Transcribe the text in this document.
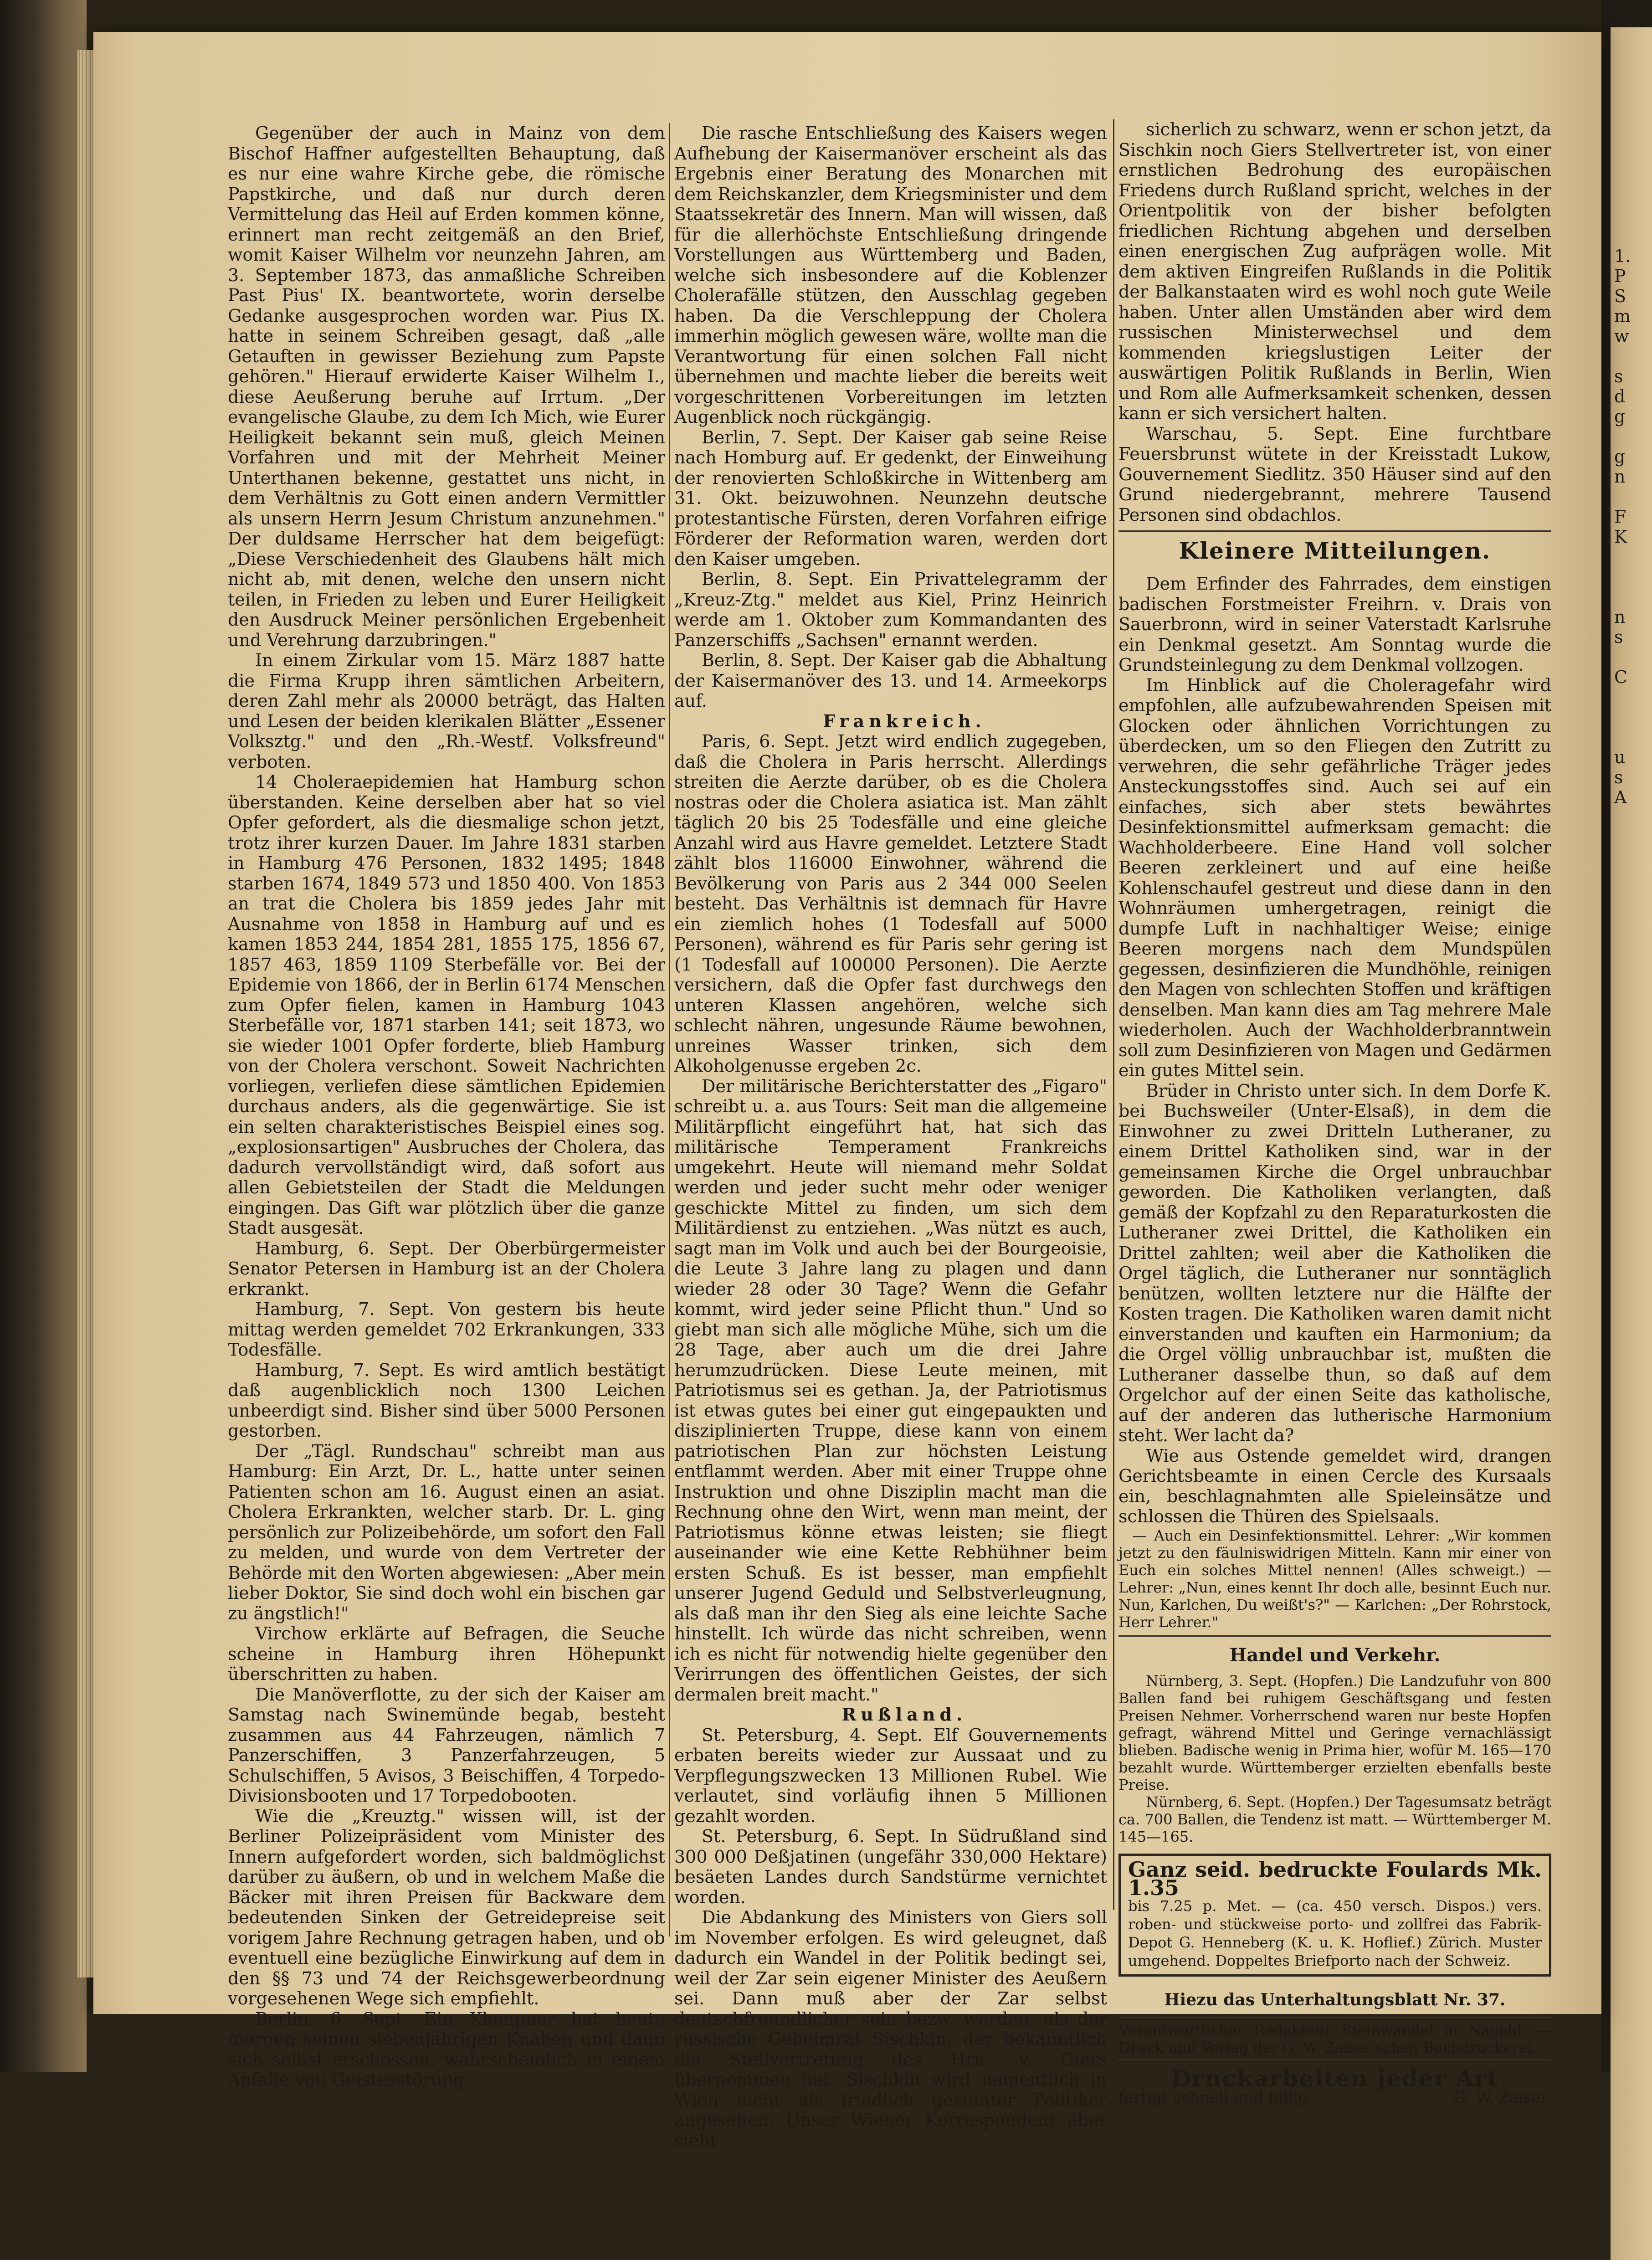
1.
P
S
m
w

s
d
g

g
n

F
K

n
s

C

u
s
A

Gegenüber der auch in Mainz von dem Bischof Haffner aufgestellten Behauptung, daß es nur eine wahre Kirche gebe, die römische Papstkirche, und daß nur durch deren Vermittelung das Heil auf Erden kommen könne, erinnert man recht zeitgemäß an den Brief, womit Kaiser Wilhelm vor neunzehn Jahren, am 3. September 1873, das anmaßliche Schreiben Past Pius' IX. beantwortete, worin derselbe Gedanke ausgesprochen worden war. Pius IX. hatte in seinem Schreiben gesagt, daß „alle Getauften in gewisser Beziehung zum Papste gehören." Hierauf erwiderte Kaiser Wilhelm I., diese Aeußerung beruhe auf Irrtum. „Der evangelische Glaube, zu dem Ich Mich, wie Eurer Heiligkeit bekannt sein muß, gleich Meinen Vorfahren und mit der Mehrheit Meiner Unterthanen bekenne, gestattet uns nicht, in dem Verhältnis zu Gott einen andern Vermittler als unsern Herrn Jesum Christum anzunehmen." Der duldsame Herrscher hat dem beigefügt: „Diese Verschiedenheit des Glaubens hält mich nicht ab, mit denen, welche den unsern nicht teilen, in Frieden zu leben und Eurer Heiligkeit den Ausdruck Meiner persönlichen Ergebenheit und Verehrung darzubringen."

In einem Zirkular vom 15. März 1887 hatte die Firma Krupp ihren sämtlichen Arbeitern, deren Zahl mehr als 20000 beträgt, das Halten und Lesen der beiden klerikalen Blätter „Essener Volksztg." und den „Rh.-Westf. Volksfreund" verboten.

14 Choleraepidemien hat Hamburg schon überstanden. Keine derselben aber hat so viel Opfer gefordert, als die diesmalige schon jetzt, trotz ihrer kurzen Dauer. Im Jahre 1831 starben in Hamburg 476 Personen, 1832 1495; 1848 starben 1674, 1849 573 und 1850 400. Von 1853 an trat die Cholera bis 1859 jedes Jahr mit Ausnahme von 1858 in Hamburg auf und es kamen 1853 244, 1854 281, 1855 175, 1856 67, 1857 463, 1859 1109 Sterbefälle vor. Bei der Epidemie von 1866, der in Berlin 6174 Menschen zum Opfer fielen, kamen in Hamburg 1043 Sterbefälle vor, 1871 starben 141; seit 1873, wo sie wieder 1001 Opfer forderte, blieb Hamburg von der Cholera verschont. Soweit Nachrichten vorliegen, verliefen diese sämtlichen Epidemien durchaus anders, als die gegenwärtige. Sie ist ein selten charakteristisches Beispiel eines sog. „explosionsartigen" Ausbruches der Cholera, das dadurch vervollständigt wird, daß sofort aus allen Gebietsteilen der Stadt die Meldungen eingingen. Das Gift war plötzlich über die ganze Stadt ausgesät.

Hamburg, 6. Sept. Der Oberbürgermeister Senator Petersen in Hamburg ist an der Cholera erkrankt.

Hamburg, 7. Sept. Von gestern bis heute mittag werden gemeldet 702 Erkrankungen, 333 Todesfälle.

Hamburg, 7. Sept. Es wird amtlich bestätigt daß augenblicklich noch 1300 Leichen unbeerdigt sind. Bisher sind über 5000 Personen gestorben.

Der „Tägl. Rundschau" schreibt man aus Hamburg: Ein Arzt, Dr. L., hatte unter seinen Patienten schon am 16. August einen an asiat. Cholera Erkrankten, welcher starb. Dr. L. ging persönlich zur Polizeibehörde, um sofort den Fall zu melden, und wurde von dem Vertreter der Behörde mit den Worten abgewiesen: „Aber mein lieber Doktor, Sie sind doch wohl ein bischen gar zu ängstlich!"

Virchow erklärte auf Befragen, die Seuche scheine in Hamburg ihren Höhepunkt überschritten zu haben.

Die Manöverflotte, zu der sich der Kaiser am Samstag nach Swinemünde begab, besteht zusammen aus 44 Fahrzeugen, nämlich 7 Panzerschiffen, 3 Panzerfahrzeugen, 5 Schulschiffen, 5 Avisos, 3 Beischiffen, 4 Torpedo-Divisionsbooten und 17 Torpedobooten.

Wie die „Kreuztg." wissen will, ist der Berliner Polizeipräsident vom Minister des Innern aufgefordert worden, sich baldmöglichst darüber zu äußern, ob und in welchem Maße die Bäcker mit ihren Preisen für Backware dem bedeutenden Sinken der Getreidepreise seit vorigem Jahre Rechnung getragen haben, und ob eventuell eine bezügliche Einwirkung auf dem in den §§ 73 und 74 der Reichsgewerbeordnung vorgesehenen Wege sich empfiehlt.

Berlin, 6. Sept. Ein Klempner hat heute morgen seinen siebenjährigen Knaben und dann sich selbst erschossen, wahrscheinlich in einem Anfalle von Geistesstörung.

Die rasche Entschließung des Kaisers wegen Aufhebung der Kaisermanöver erscheint als das Ergebnis einer Beratung des Monarchen mit dem Reichskanzler, dem Kriegsminister und dem Staatssekretär des Innern. Man will wissen, daß für die allerhöchste Entschließung dringende Vorstellungen aus Württemberg und Baden, welche sich insbesondere auf die Koblenzer Cholerafälle stützen, den Ausschlag gegeben haben. Da die Verschleppung der Cholera immerhin möglich gewesen wäre, wollte man die Verantwortung für einen solchen Fall nicht übernehmen und machte lieber die bereits weit vorgeschrittenen Vorbereitungen im letzten Augenblick noch rückgängig.

Berlin, 7. Sept. Der Kaiser gab seine Reise nach Homburg auf. Er gedenkt, der Einweihung der renovierten Schloßkirche in Wittenberg am 31. Okt. beizuwohnen. Neunzehn deutsche protestantische Fürsten, deren Vorfahren eifrige Förderer der Reformation waren, werden dort den Kaiser umgeben.

Berlin, 8. Sept. Ein Privattelegramm der „Kreuz-Ztg." meldet aus Kiel, Prinz Heinrich werde am 1. Oktober zum Kommandanten des Panzerschiffs „Sachsen" ernannt werden.

Berlin, 8. Sept. Der Kaiser gab die Abhaltung der Kaisermanöver des 13. und 14. Armeekorps auf.

Frankreich.

Paris, 6. Sept. Jetzt wird endlich zugegeben, daß die Cholera in Paris herrscht. Allerdings streiten die Aerzte darüber, ob es die Cholera nostras oder die Cholera asiatica ist. Man zählt täglich 20 bis 25 Todesfälle und eine gleiche Anzahl wird aus Havre gemeldet. Letztere Stadt zählt blos 116000 Einwohner, während die Bevölkerung von Paris aus 2 344 000 Seelen besteht. Das Verhältnis ist demnach für Havre ein ziemlich hohes (1 Todesfall auf 5000 Personen), während es für Paris sehr gering ist (1 Todesfall auf 100000 Personen). Die Aerzte versichern, daß die Opfer fast durchwegs den unteren Klassen angehören, welche sich schlecht nähren, ungesunde Räume bewohnen, unreines Wasser trinken, sich dem Alkoholgenusse ergeben 2c.

Der militärische Berichterstatter des „Figaro" schreibt u. a. aus Tours: Seit man die allgemeine Militärpflicht eingeführt hat, hat sich das militärische Temperament Frankreichs umgekehrt. Heute will niemand mehr Soldat werden und jeder sucht mehr oder weniger geschickte Mittel zu finden, um sich dem Militärdienst zu entziehen. „Was nützt es auch, sagt man im Volk und auch bei der Bourgeoisie, die Leute 3 Jahre lang zu plagen und dann wieder 28 oder 30 Tage? Wenn die Gefahr kommt, wird jeder seine Pflicht thun." Und so giebt man sich alle mögliche Mühe, sich um die 28 Tage, aber auch um die drei Jahre herumzudrücken. Diese Leute meinen, mit Patriotismus sei es gethan. Ja, der Patriotismus ist etwas gutes bei einer gut eingepaukten und disziplinierten Truppe, diese kann von einem patriotischen Plan zur höchsten Leistung entflammt werden. Aber mit einer Truppe ohne Instruktion und ohne Disziplin macht man die Rechnung ohne den Wirt, wenn man meint, der Patriotismus könne etwas leisten; sie fliegt auseinander wie eine Kette Rebhühner beim ersten Schuß. Es ist besser, man empfiehlt unserer Jugend Geduld und Selbstverleugnung, als daß man ihr den Sieg als eine leichte Sache hinstellt. Ich würde das nicht schreiben, wenn ich es nicht für notwendig hielte gegenüber den Verirrungen des öffentlichen Geistes, der sich dermalen breit macht."

Rußland.

St. Petersburg, 4. Sept. Elf Gouvernements erbaten bereits wieder zur Aussaat und zu Verpflegungszwecken 13 Millionen Rubel. Wie verlautet, sind vorläufig ihnen 5 Millionen gezahlt worden.

St. Petersburg, 6. Sept. In Südrußland sind 300 000 Deßjatinen (ungefähr 330,000 Hektare) besäeten Landes durch Sandstürme vernichtet worden.

Die Abdankung des Ministers von Giers soll im November erfolgen. Es wird geleugnet, daß dadurch ein Wandel in der Politik bedingt sei, weil der Zar sein eigener Minister des Aeußern sei. Dann muß aber der Zar selbst deutschfreundlicher sein bezw. werden, als der russische Geheimrat Sischkin, der bekanntlich die Stellvertretung des Hrn. v. Giers übernommen hat. Sischkin wird namentlich in Wien nicht als friedlich gesinnter Politiker angesehen. Unser Wiener Korrespondent aber sieht

sicherlich zu schwarz, wenn er schon jetzt, da Sischkin noch Giers Stellvertreter ist, von einer ernstlichen Bedrohung des europäischen Friedens durch Rußland spricht, welches in der Orientpolitik von der bisher befolgten friedlichen Richtung abgehen und derselben einen energischen Zug aufprägen wolle. Mit dem aktiven Eingreifen Rußlands in die Politik der Balkanstaaten wird es wohl noch gute Weile haben. Unter allen Umständen aber wird dem russischen Ministerwechsel und dem kommenden kriegslustigen Leiter der auswärtigen Politik Rußlands in Berlin, Wien und Rom alle Aufmerksamkeit schenken, dessen kann er sich versichert halten.

Warschau, 5. Sept. Eine furchtbare Feuersbrunst wütete in der Kreisstadt Lukow, Gouvernement Siedlitz. 350 Häuser sind auf den Grund niedergebrannt, mehrere Tausend Personen sind obdachlos.

Kleinere Mitteilungen.

Dem Erfinder des Fahrrades, dem einstigen badischen Forstmeister Freihrn. v. Drais von Sauerbronn, wird in seiner Vaterstadt Karlsruhe ein Denkmal gesetzt. Am Sonntag wurde die Grundsteinlegung zu dem Denkmal vollzogen.

Im Hinblick auf die Choleragefahr wird empfohlen, alle aufzubewahrenden Speisen mit Glocken oder ähnlichen Vorrichtungen zu überdecken, um so den Fliegen den Zutritt zu verwehren, die sehr gefährliche Träger jedes Ansteckungsstoffes sind. Auch sei auf ein einfaches, sich aber stets bewährtes Desinfektionsmittel aufmerksam gemacht: die Wachholderbeere. Eine Hand voll solcher Beeren zerkleinert und auf eine heiße Kohlenschaufel gestreut und diese dann in den Wohnräumen umhergetragen, reinigt die dumpfe Luft in nachhaltiger Weise; einige Beeren morgens nach dem Mundspülen gegessen, desinfizieren die Mundhöhle, reinigen den Magen von schlechten Stoffen und kräftigen denselben. Man kann dies am Tag mehrere Male wiederholen. Auch der Wachholderbranntwein soll zum Desinfizieren von Magen und Gedärmen ein gutes Mittel sein.

Brüder in Christo unter sich. In dem Dorfe K. bei Buchsweiler (Unter-Elsaß), in dem die Einwohner zu zwei Dritteln Lutheraner, zu einem Drittel Katholiken sind, war in der gemeinsamen Kirche die Orgel unbrauchbar geworden. Die Katholiken verlangten, daß gemäß der Kopfzahl zu den Reparaturkosten die Lutheraner zwei Drittel, die Katholiken ein Drittel zahlten; weil aber die Katholiken die Orgel täglich, die Lutheraner nur sonntäglich benützen, wollten letztere nur die Hälfte der Kosten tragen. Die Katholiken waren damit nicht einverstanden und kauften ein Harmonium; da die Orgel völlig unbrauchbar ist, mußten die Lutheraner dasselbe thun, so daß auf dem Orgelchor auf der einen Seite das katholische, auf der anderen das lutherische Harmonium steht. Wer lacht da?

Wie aus Ostende gemeldet wird, drangen Gerichtsbeamte in einen Cercle des Kursaals ein, beschlagnahmten alle Spieleinsätze und schlossen die Thüren des Spielsaals.

— Auch ein Desinfektionsmittel. Lehrer: „Wir kommen jetzt zu den fäulniswidrigen Mitteln. Kann mir einer von Euch ein solches Mittel nennen! (Alles schweigt.) — Lehrer: „Nun, eines kennt Ihr doch alle, besinnt Euch nur. Nun, Karlchen, Du weißt's?" — Karlchen: „Der Rohrstock, Herr Lehrer."

Handel und Verkehr.

Nürnberg, 3. Sept. (Hopfen.) Die Landzufuhr von 800 Ballen fand bei ruhigem Geschäftsgang und festen Preisen Nehmer. Vorherrschend waren nur beste Hopfen gefragt, während Mittel und Geringe vernachlässigt blieben. Badische wenig in Prima hier, wofür M. 165—170 bezahlt wurde. Württemberger erzielten ebenfalls beste Preise.

Nürnberg, 6. Sept. (Hopfen.) Der Tagesumsatz beträgt ca. 700 Ballen, die Tendenz ist matt. — Württemberger M. 145—165.

Ganz seid. bedruckte Foulards Mk. 1.35
bis 7.25 p. Met. — (ca. 450 versch. Dispos.) vers. roben- und stückweise porto- und zollfrei das Fabrik-Depot G. Henneberg (K. u. K. Hoflief.) Zürich. Muster umgehend. Doppeltes Briefporto nach der Schweiz.
Hiezu das Unterhaltungsblatt Nr. 37.

Verantwortlicher Redakteur Steinwandel in Nagold. — Druck und Verlag der G. W. Zaiser'schen Buchdruckerei.

Druckarbeiten jeder Art
fertigt schnell und billig	G. W. Zaiser.
